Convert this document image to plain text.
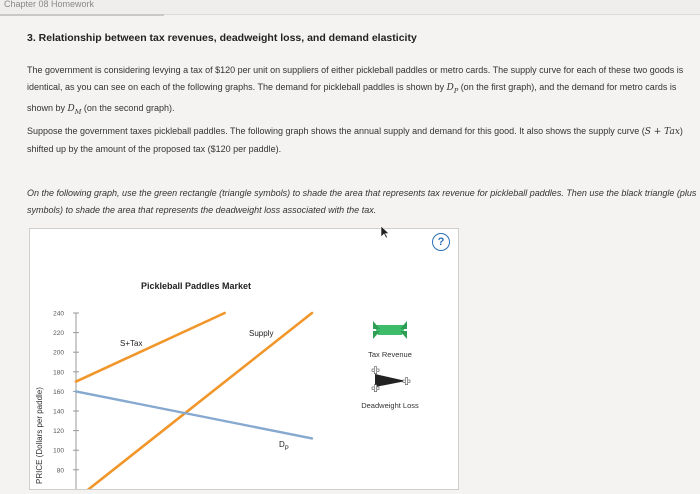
Chapter 08 Homework
3. Relationship between tax revenues, deadweight loss, and demand elasticity
The government is considering levying a tax of $120 per unit on suppliers of either pickleball paddles or metro cards. The supply curve for each of these two goods is identical, as you can see on each of the following graphs. The demand for pickleball paddles is shown by $D_P$ (on the first graph), and the demand for metro cards is shown by $D_M$ (on the second graph).
Suppose the government taxes pickleball paddles. The following graph shows the annual supply and demand for this good. It also shows the supply curve (S + Tax) shifted up by the amount of the proposed tax ($120 per paddle).
On the following graph, use the green rectangle (triangle symbols) to shade the area that represents tax revenue for pickleball paddles. Then use the black triangle (plus symbols) to shade the area that represents the deadweight loss associated with the tax.
Pickleball Paddles Market
240
220
200
180
160
140
120
100
80
PRICE (Dollars per paddle)
S+Tax
Supply
$D_P$
Tax Revenue
Deadweight Loss
?
